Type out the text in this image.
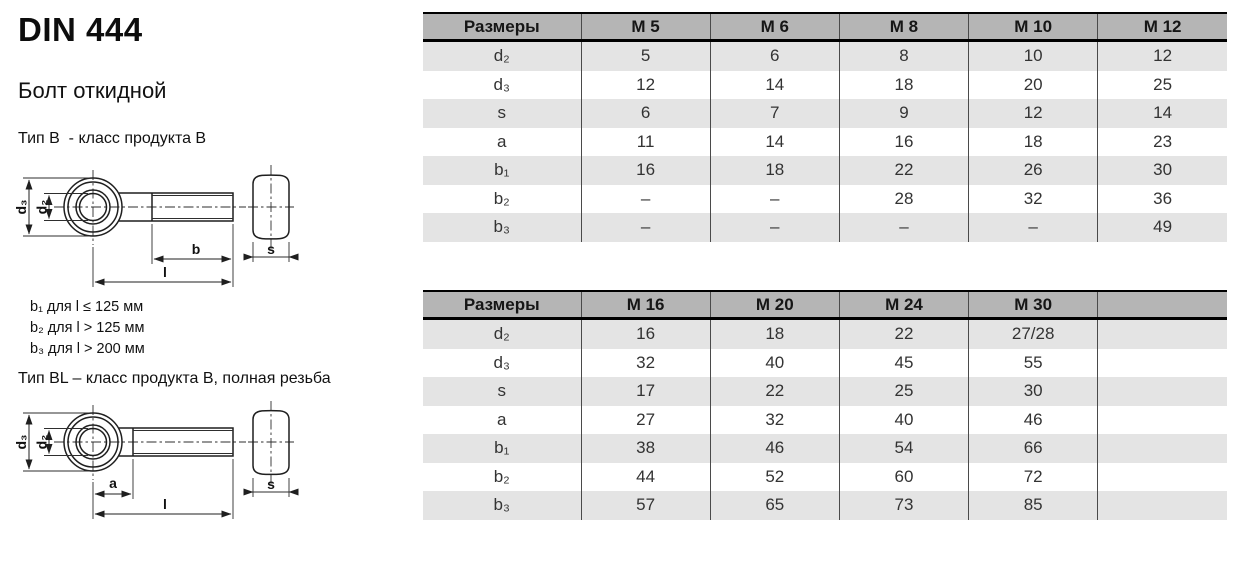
DIN 444
Болт откидной
Тип B  - класс продукта B
d₃ d₂
b
l
s
b₁ для l ≤ 125 мм
b₂ для l > 125 мм
b₃ для l > 200 мм
Тип BL – класс продукта B, полная резьба
d₃ d₂
a
l
s
Размеры	M 5	M 6	M 8	M 10	M 12
d₂	5	6	8	10	12
d₃	12	14	18	20	25
s	6	7	9	12	14
a	11	14	16	18	23
b₁	16	18	22	26	30
b₂	–	–	28	32	36
b₃	–	–	–	–	49
Размеры	M 16	M 20	M 24	M 30	
d₂	16	18	22	27/28	
d₃	32	40	45	55	
s	17	22	25	30	
a	27	32	40	46	
b₁	38	46	54	66	
b₂	44	52	60	72	
b₃	57	65	73	85	
